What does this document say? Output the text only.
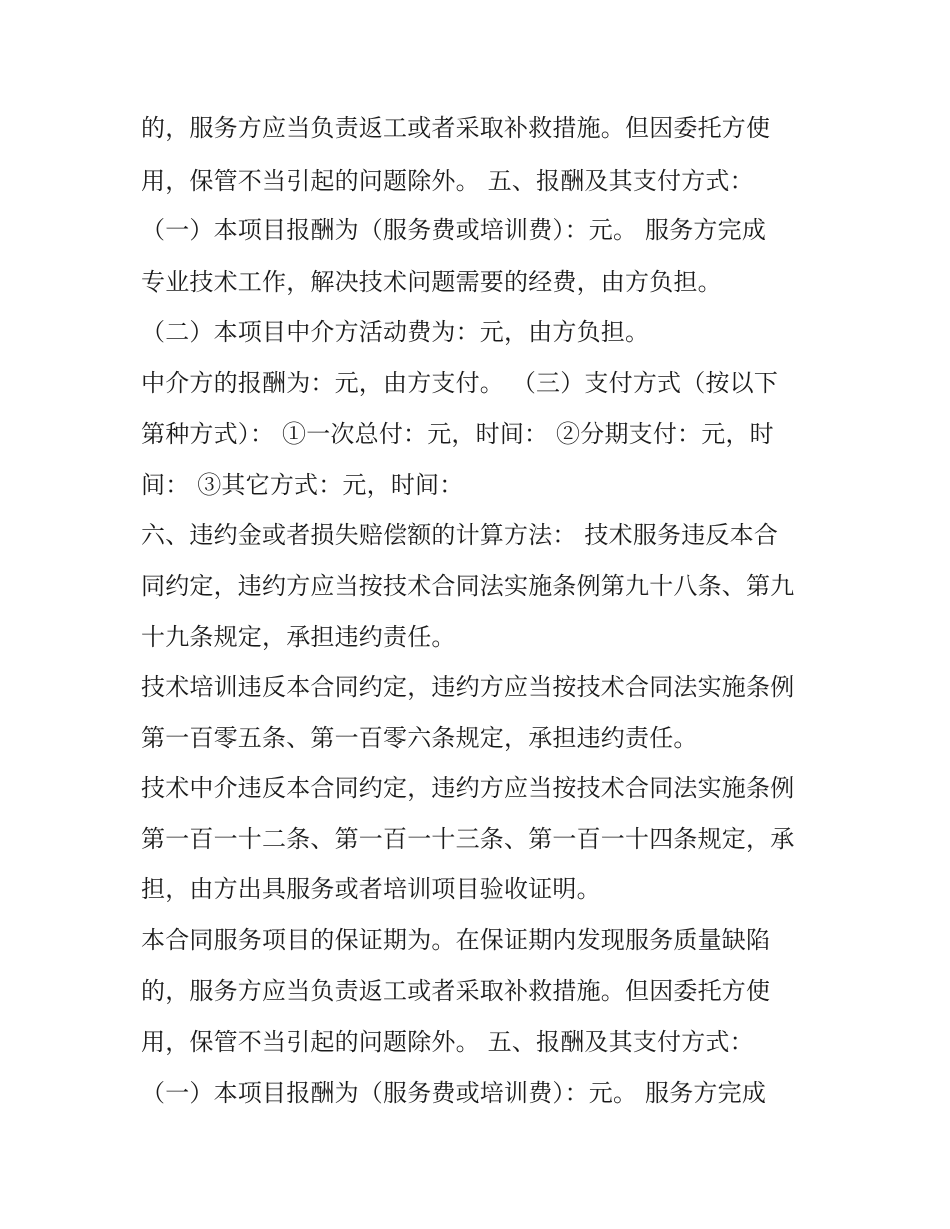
的，服务方应当负责返工或者采取补救措施。但因委托方使
用，保管不当引起的问题除外。 五、报酬及其支付方式：
（一）本项目报酬为（服务费或培训费）：元。 服务方完成
专业技术工作，解决技术问题需要的经费，由方负担。
（二）本项目中介方活动费为：元，由方负担。
中介方的报酬为：元，由方支付。 （三）支付方式（按以下
第种方式）： ①一次总付：元，时间： ②分期支付：元，时
间： ③其它方式：元，时间：
六、违约金或者损失赔偿额的计算方法： 技术服务违反本合
同约定，违约方应当按技术合同法实施条例第九十八条、第九
十九条规定，承担违约责任。
技术培训违反本合同约定，违约方应当按技术合同法实施条例
第一百零五条、第一百零六条规定，承担违约责任。
技术中介违反本合同约定，违约方应当按技术合同法实施条例
第一百一十二条、第一百一十三条、第一百一十四条规定，承
担，由方出具服务或者培训项目验收证明。
本合同服务项目的保证期为。在保证期内发现服务质量缺陷
的，服务方应当负责返工或者采取补救措施。但因委托方使
用，保管不当引起的问题除外。 五、报酬及其支付方式：
（一）本项目报酬为（服务费或培训费）：元。 服务方完成
